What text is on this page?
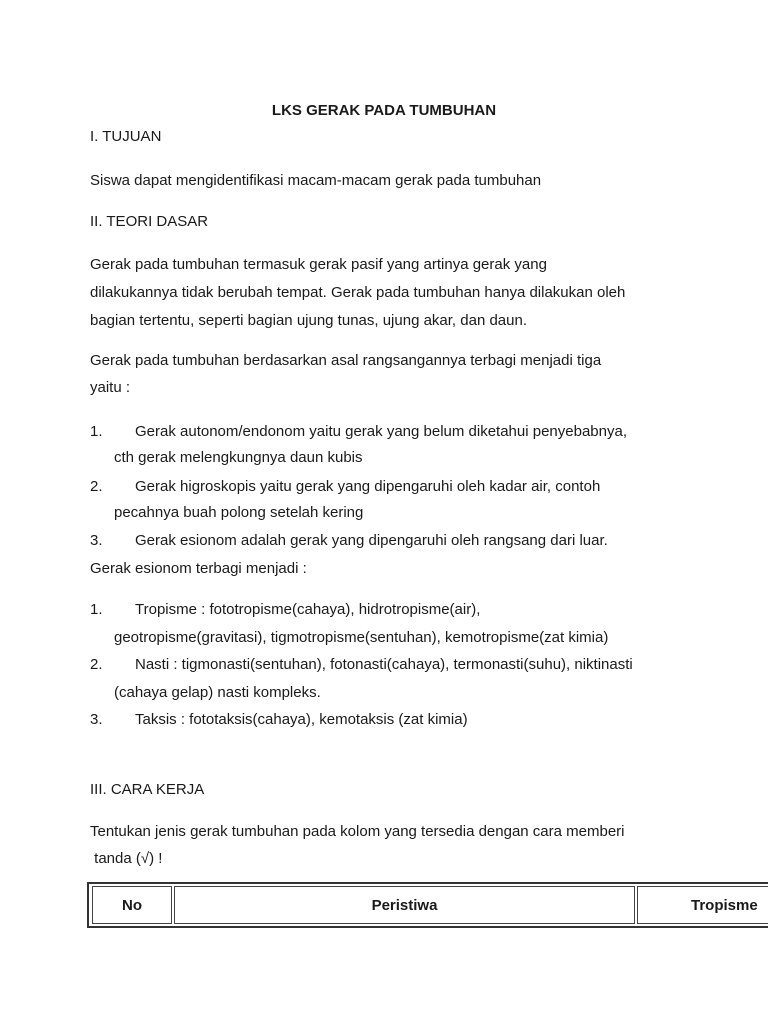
LKS GERAK PADA TUMBUHAN
I. TUJUAN
Siswa dapat mengidentifikasi macam-macam gerak pada tumbuhan
II. TEORI DASAR
Gerak pada tumbuhan termasuk gerak pasif yang artinya gerak yang
dilakukannya tidak berubah tempat. Gerak pada tumbuhan hanya dilakukan oleh
bagian tertentu, seperti bagian ujung tunas, ujung akar, dan daun.
Gerak pada tumbuhan berdasarkan asal rangsangannya terbagi menjadi tiga
yaitu :
1. Gerak autonom/endonom yaitu gerak yang belum diketahui penyebabnya,
cth gerak melengkungnya daun kubis
2. Gerak higroskopis yaitu gerak yang dipengaruhi oleh kadar air, contoh
pecahnya buah polong setelah kering
3. Gerak esionom adalah gerak yang dipengaruhi oleh rangsang dari luar.
Gerak esionom terbagi menjadi :
1. Tropisme : fototropisme(cahaya), hidrotropisme(air),
geotropisme(gravitasi), tigmotropisme(sentuhan), kemotropisme(zat kimia)
2. Nasti : tigmonasti(sentuhan), fotonasti(cahaya), termonasti(suhu), niktinasti
(cahaya gelap) nasti kompleks.
3. Taksis : fototaksis(cahaya), kemotaksis (zat kimia)
III. CARA KERJA
Tentukan jenis gerak tumbuhan pada kolom yang tersedia dengan cara memberi
tanda (√) !
No	Peristiwa	Tropisme
